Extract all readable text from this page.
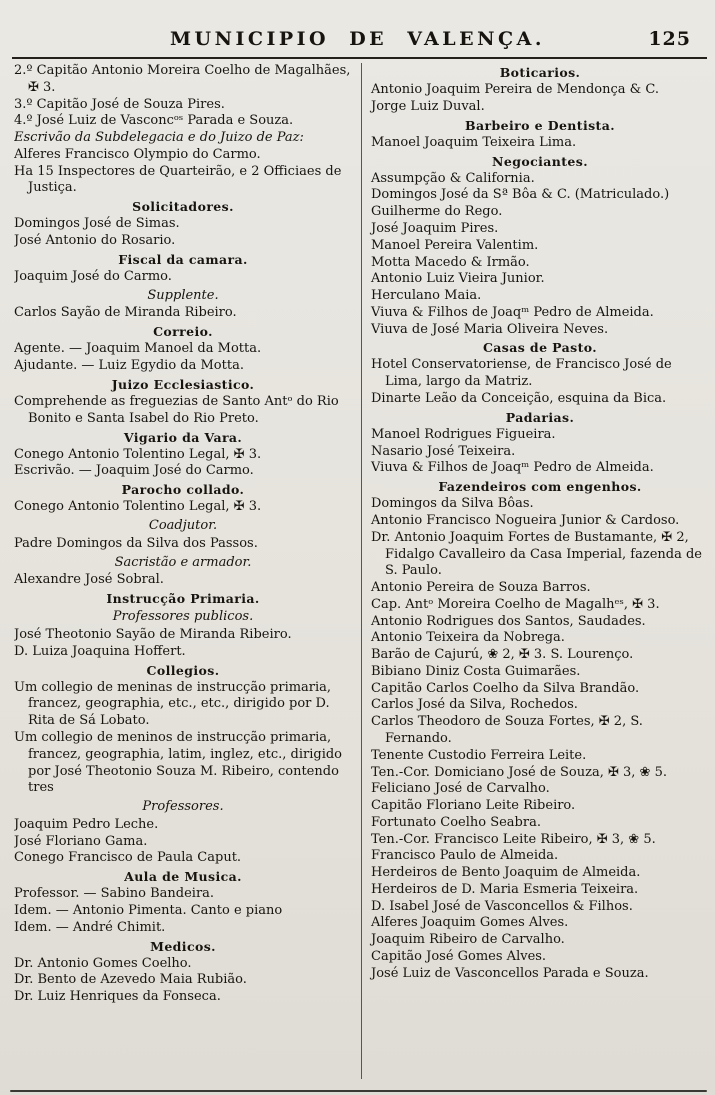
MUNICIPIO DE VALENÇA.	125
2.º Capitão Antonio Moreira Coelho de Magalhães, ✠ 3.
3.º Capitão José de Souza Pires.
4.º José Luiz de Vasconcᵒˢ Parada e Souza.
Escrivão da Subdelegacia e do Juizo de Paz:
Alferes Francisco Olympio do Carmo.
Ha 15 Inspectores de Quarteirão, e 2 Officiaes de Justiça.
Solicitadores.
Domingos José de Simas.
José Antonio do Rosario.
Fiscal da camara.
Joaquim José do Carmo.
Supplente.
Carlos Sayão de Miranda Ribeiro.
Correio.
Agente. — Joaquim Manoel da Motta.
Ajudante. — Luiz Egydio da Motta.
Juizo Ecclesiastico.
Comprehende as freguezias de Santo Antᵒ do Rio Bonito e Santa Isabel do Rio Preto.
Vigario da Vara.
Conego Antonio Tolentino Legal, ✠ 3.
Escrivão. — Joaquim José do Carmo.
Parocho collado.
Conego Antonio Tolentino Legal, ✠ 3.
Coadjutor.
Padre Domingos da Silva dos Passos.
Sacristão e armador.
Alexandre José Sobral.
Instrucção Primaria.
Professores publicos.
José Theotonio Sayão de Miranda Ribeiro.
D. Luiza Joaquina Hoffert.
Collegios.
Um collegio de meninas de instrucção primaria, francez, geographia, etc., etc., dirigido por D. Rita de Sá Lobato.
Um collegio de meninos de instrucção primaria, francez, geographia, latim, inglez, etc., dirigido por José Theotonio Souza M. Ribeiro, contendo tres
Professores.
Joaquim Pedro Leche.
José Floriano Gama.
Conego Francisco de Paula Caput.
Aula de Musica.
Professor. — Sabino Bandeira.
Idem. — Antonio Pimenta. Canto e piano
Idem. — André Chimit.
Medicos.
Dr. Antonio Gomes Coelho.
Dr. Bento de Azevedo Maia Rubião.
Dr. Luiz Henriques da Fonseca.
Boticarios.
Antonio Joaquim Pereira de Mendonça & C.
Jorge Luiz Duval.
Barbeiro e Dentista.
Manoel Joaquim Teixeira Lima.
Negociantes.
Assumpção & California.
Domingos José da Sª Bôa & C. (Matriculado.)
Guilherme do Rego.
José Joaquim Pires.
Manoel Pereira Valentim.
Motta Macedo & Irmão.
Antonio Luiz Vieira Junior.
Herculano Maia.
Viuva & Filhos de Joaqᵐ Pedro de Almeida.
Viuva de José Maria Oliveira Neves.
Casas de Pasto.
Hotel Conservatoriense, de Francisco José de Lima, largo da Matriz.
Dinarte Leão da Conceição, esquina da Bica.
Padarias.
Manoel Rodrigues Figueira.
Nasario José Teixeira.
Viuva & Filhos de Joaqᵐ Pedro de Almeida.
Fazendeiros com engenhos.
Domingos da Silva Bôas.
Antonio Francisco Nogueira Junior & Cardoso.
Dr. Antonio Joaquim Fortes de Bustamante, ✠ 2, Fidalgo Cavalleiro da Casa Imperial, fazenda de S. Paulo.
Antonio Pereira de Souza Barros.
Cap. Antᵒ Moreira Coelho de Magalhᵉˢ, ✠ 3.
Antonio Rodrigues dos Santos, Saudades.
Antonio Teixeira da Nobrega.
Barão de Cajurú, ❀ 2, ✠ 3. S. Lourenço.
Bibiano Diniz Costa Guimarães.
Capitão Carlos Coelho da Silva Brandão.
Carlos José da Silva, Rochedos.
Carlos Theodoro de Souza Fortes, ✠ 2, S. Fernando.
Tenente Custodio Ferreira Leite.
Ten.-Cor. Domiciano José de Souza, ✠ 3, ❀ 5.
Feliciano José de Carvalho.
Capitão Floriano Leite Ribeiro.
Fortunato Coelho Seabra.
Ten.-Cor. Francisco Leite Ribeiro, ✠ 3, ❀ 5.
Francisco Paulo de Almeida.
Herdeiros de Bento Joaquim de Almeida.
Herdeiros de D. Maria Esmeria Teixeira.
D. Isabel José de Vasconcellos & Filhos.
Alferes Joaquim Gomes Alves.
Joaquim Ribeiro de Carvalho.
Capitão José Gomes Alves.
José Luiz de Vasconcellos Parada e Souza.
